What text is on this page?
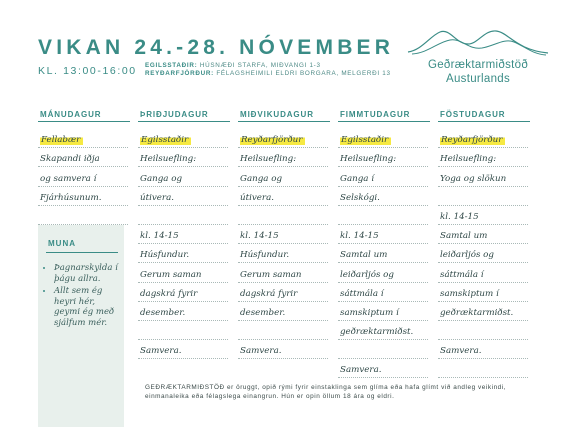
VIKAN 24.-28. NÓVEMBER
KL. 13:00-16:00 EGILSSTAÐIR: HÚSNÆÐI STARFA, MIÐVANGI 1-3
REYÐARFJÖRÐUR: FÉLAGSHEIMILI ELDRI BORGARA, MELGERÐI 13
Geðræktarmiðstöð
Austurlands
MÁNUDAGUR
Fellabær
Skapandi iðja
og samvera í
Fjárhúsunum.
ÞRIÐJUDAGUR
Egilsstaðir
Heilsuefling:
Ganga og
útivera.
kl. 14-15
Húsfundur.
Gerum saman
dagskrá fyrir
desember.
Samvera.
MIÐVIKUDAGUR
Reyðarfjörður
Heilsuefling:
Ganga og
útivera.
kl. 14-15
Húsfundur.
Gerum saman
dagskrá fyrir
desember.
Samvera.
FIMMTUDAGUR
Egilsstaðir
Heilsuefling:
Ganga í
Selskógi.
kl. 14-15
Samtal um
leiðarljós og
sáttmála í
samskiptum í
geðræktarmiðst.
Samvera.
FÖSTUDAGUR
Reyðarfjörður
Heilsuefling:
Yoga og slökun
kl. 14-15
Samtal um
leiðarljós og
sáttmála í
samskiptum í
geðræktarmiðst.
Samvera.
MUNA
• Þagnarskylda í þágu allra.
• Allt sem ég heyri hér, geymi ég með sjálfum mér.
GEÐRÆKTARMIÐSTÖÐ er öruggt, opið rými fyrir einstaklinga sem glíma eða hafa glímt við andleg veikindi, einmanaleika eða félagslega einangrun. Hún er opin öllum 18 ára og eldri.
